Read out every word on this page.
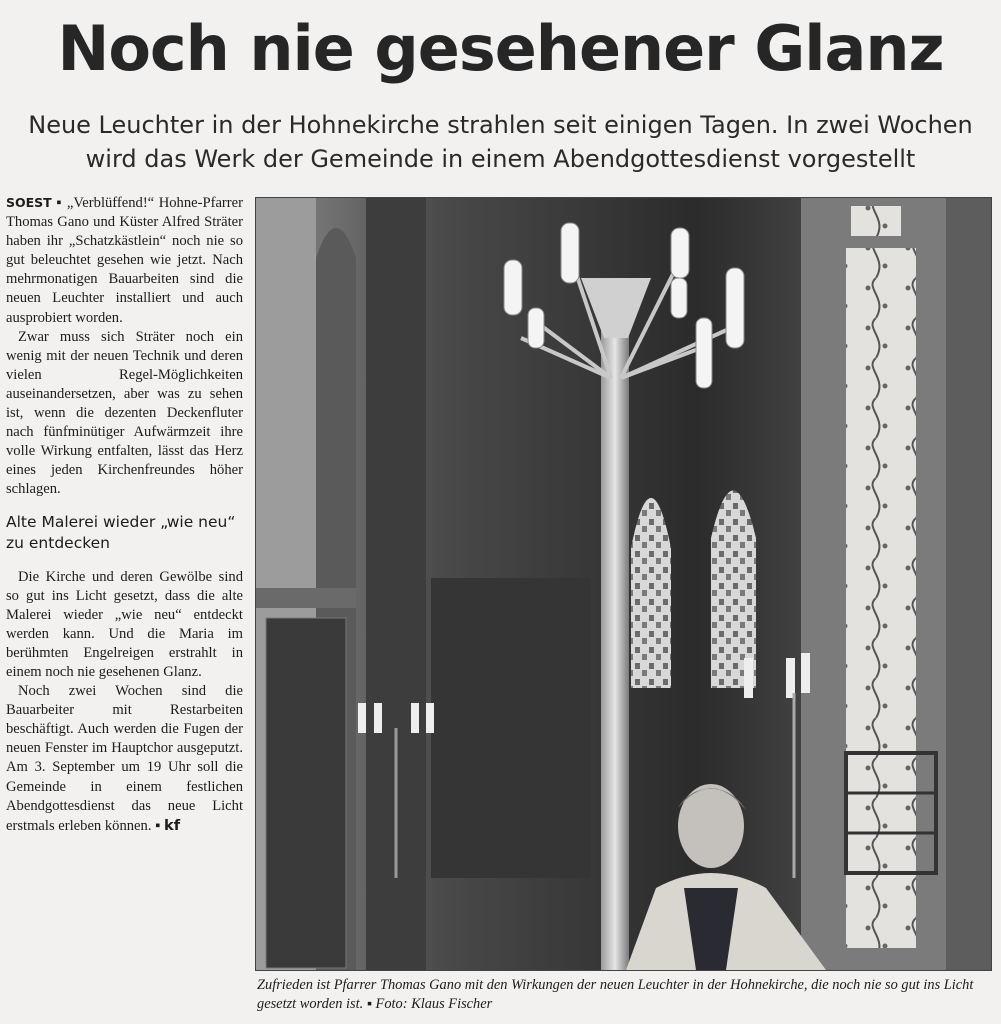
Noch nie gesehener Glanz

Neue Leuchter in der Hohnekirche strahlen seit einigen Tagen. In zwei Wochen wird das Werk der Gemeinde in einem Abendgottesdienst vorgestellt

SOEST ▪ „Verblüffend!“ Hohne-Pfarrer Thomas Gano und Küster Alfred Sträter haben ihr „Schatzkästlein“ noch nie so gut beleuchtet gesehen wie jetzt. Nach mehrmonatigen Bauarbeiten sind die neuen Leuchter installiert und auch ausprobiert worden.

Zwar muss sich Sträter noch ein wenig mit der neuen Technik und deren vielen Regel-Möglichkeiten auseinandersetzen, aber was zu sehen ist, wenn die dezenten Deckenfluter nach fünfminütiger Aufwärmzeit ihre volle Wirkung entfalten, lässt das Herz eines jeden Kirchenfreundes höher schlagen.

Alte Malerei wieder „wie neu“ zu entdecken

Die Kirche und deren Gewölbe sind so gut ins Licht gesetzt, dass die alte Malerei wieder „wie neu“ entdeckt werden kann. Und die Maria im berühmten Engelreigen erstrahlt in einem noch nie gesehenen Glanz.

Noch zwei Wochen sind die Bauarbeiter mit Restarbeiten beschäftigt. Auch werden die Fugen der neuen Fenster im Hauptchor ausgeputzt. Am 3. September um 19 Uhr soll die Gemeinde in einem festlichen Abendgottesdienst das neue Licht erstmals erleben können. ▪ kf

Zufrieden ist Pfarrer Thomas Gano mit den Wirkungen der neuen Leuchter in der Hohnekirche, die noch nie so gut ins Licht gesetzt worden ist. ▪ Foto: Klaus Fischer
